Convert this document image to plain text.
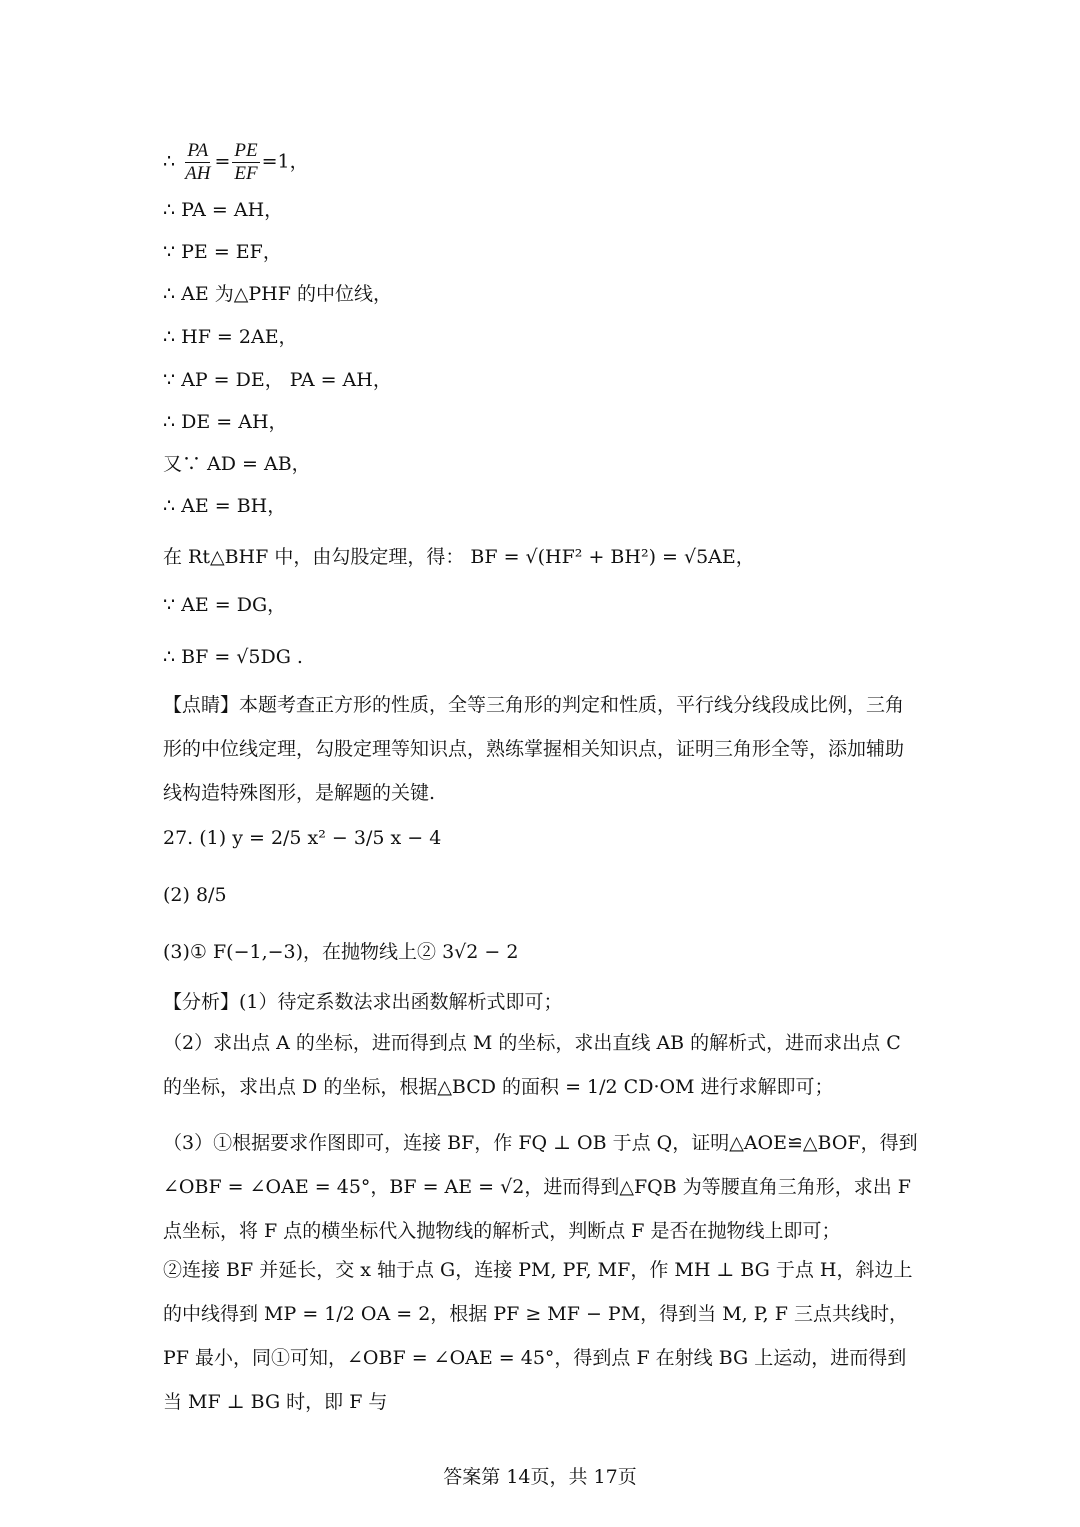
∴ $\frac{PA}{AH} = \frac{PE}{EF} =1$，
∴ PA = AH，
∵ PE = EF，
∴ AE 为△PHF 的中位线，
∴ HF = 2AE，
∵ AP = DE， PA = AH，
∴ DE = AH，
又∵ AD = AB，
∴ AE = BH，
在 Rt△BHF 中，由勾股定理，得： BF = √(HF² + BH²) = √5AE，
∵ AE = DG，
∴ BF = √5DG .
【点睛】本题考查正方形的性质，全等三角形的判定和性质，平行线分线段成比例，三角形的中位线定理，勾股定理等知识点，熟练掌握相关知识点，证明三角形全等，添加辅助线构造特殊图形，是解题的关键.
27. (1) y = 2/5 x² − 3/5 x − 4
(2) 8/5
(3)① F(−1,−3)，在抛物线上② 3√2 − 2
【分析】(1）待定系数法求出函数解析式即可；
（2）求出点 A 的坐标，进而得到点 M 的坐标，求出直线 AB 的解析式，进而求出点 C 的坐标，求出点 D 的坐标，根据△BCD 的面积 = 1/2 CD·OM 进行求解即可；
（3）①根据要求作图即可，连接 BF，作 FQ ⊥ OB 于点 Q，证明△AOE≌△BOF，得到 ∠OBF = ∠OAE = 45°，BF = AE = √2，进而得到△FQB 为等腰直角三角形，求出 F 点坐标，将 F 点的横坐标代入抛物线的解析式，判断点 F 是否在抛物线上即可；
②连接 BF 并延长，交 x 轴于点 G，连接 PM, PF, MF，作 MH ⊥ BG 于点 H，斜边上的中线得到 MP = 1/2 OA = 2，根据 PF ≥ MF − PM，得到当 M, P, F 三点共线时， PF 最小，同①可知，∠OBF = ∠OAE = 45°，得到点 F 在射线 BG 上运动，进而得到当 MF ⊥ BG 时，即 F 与
答案第 14页，共 17页
